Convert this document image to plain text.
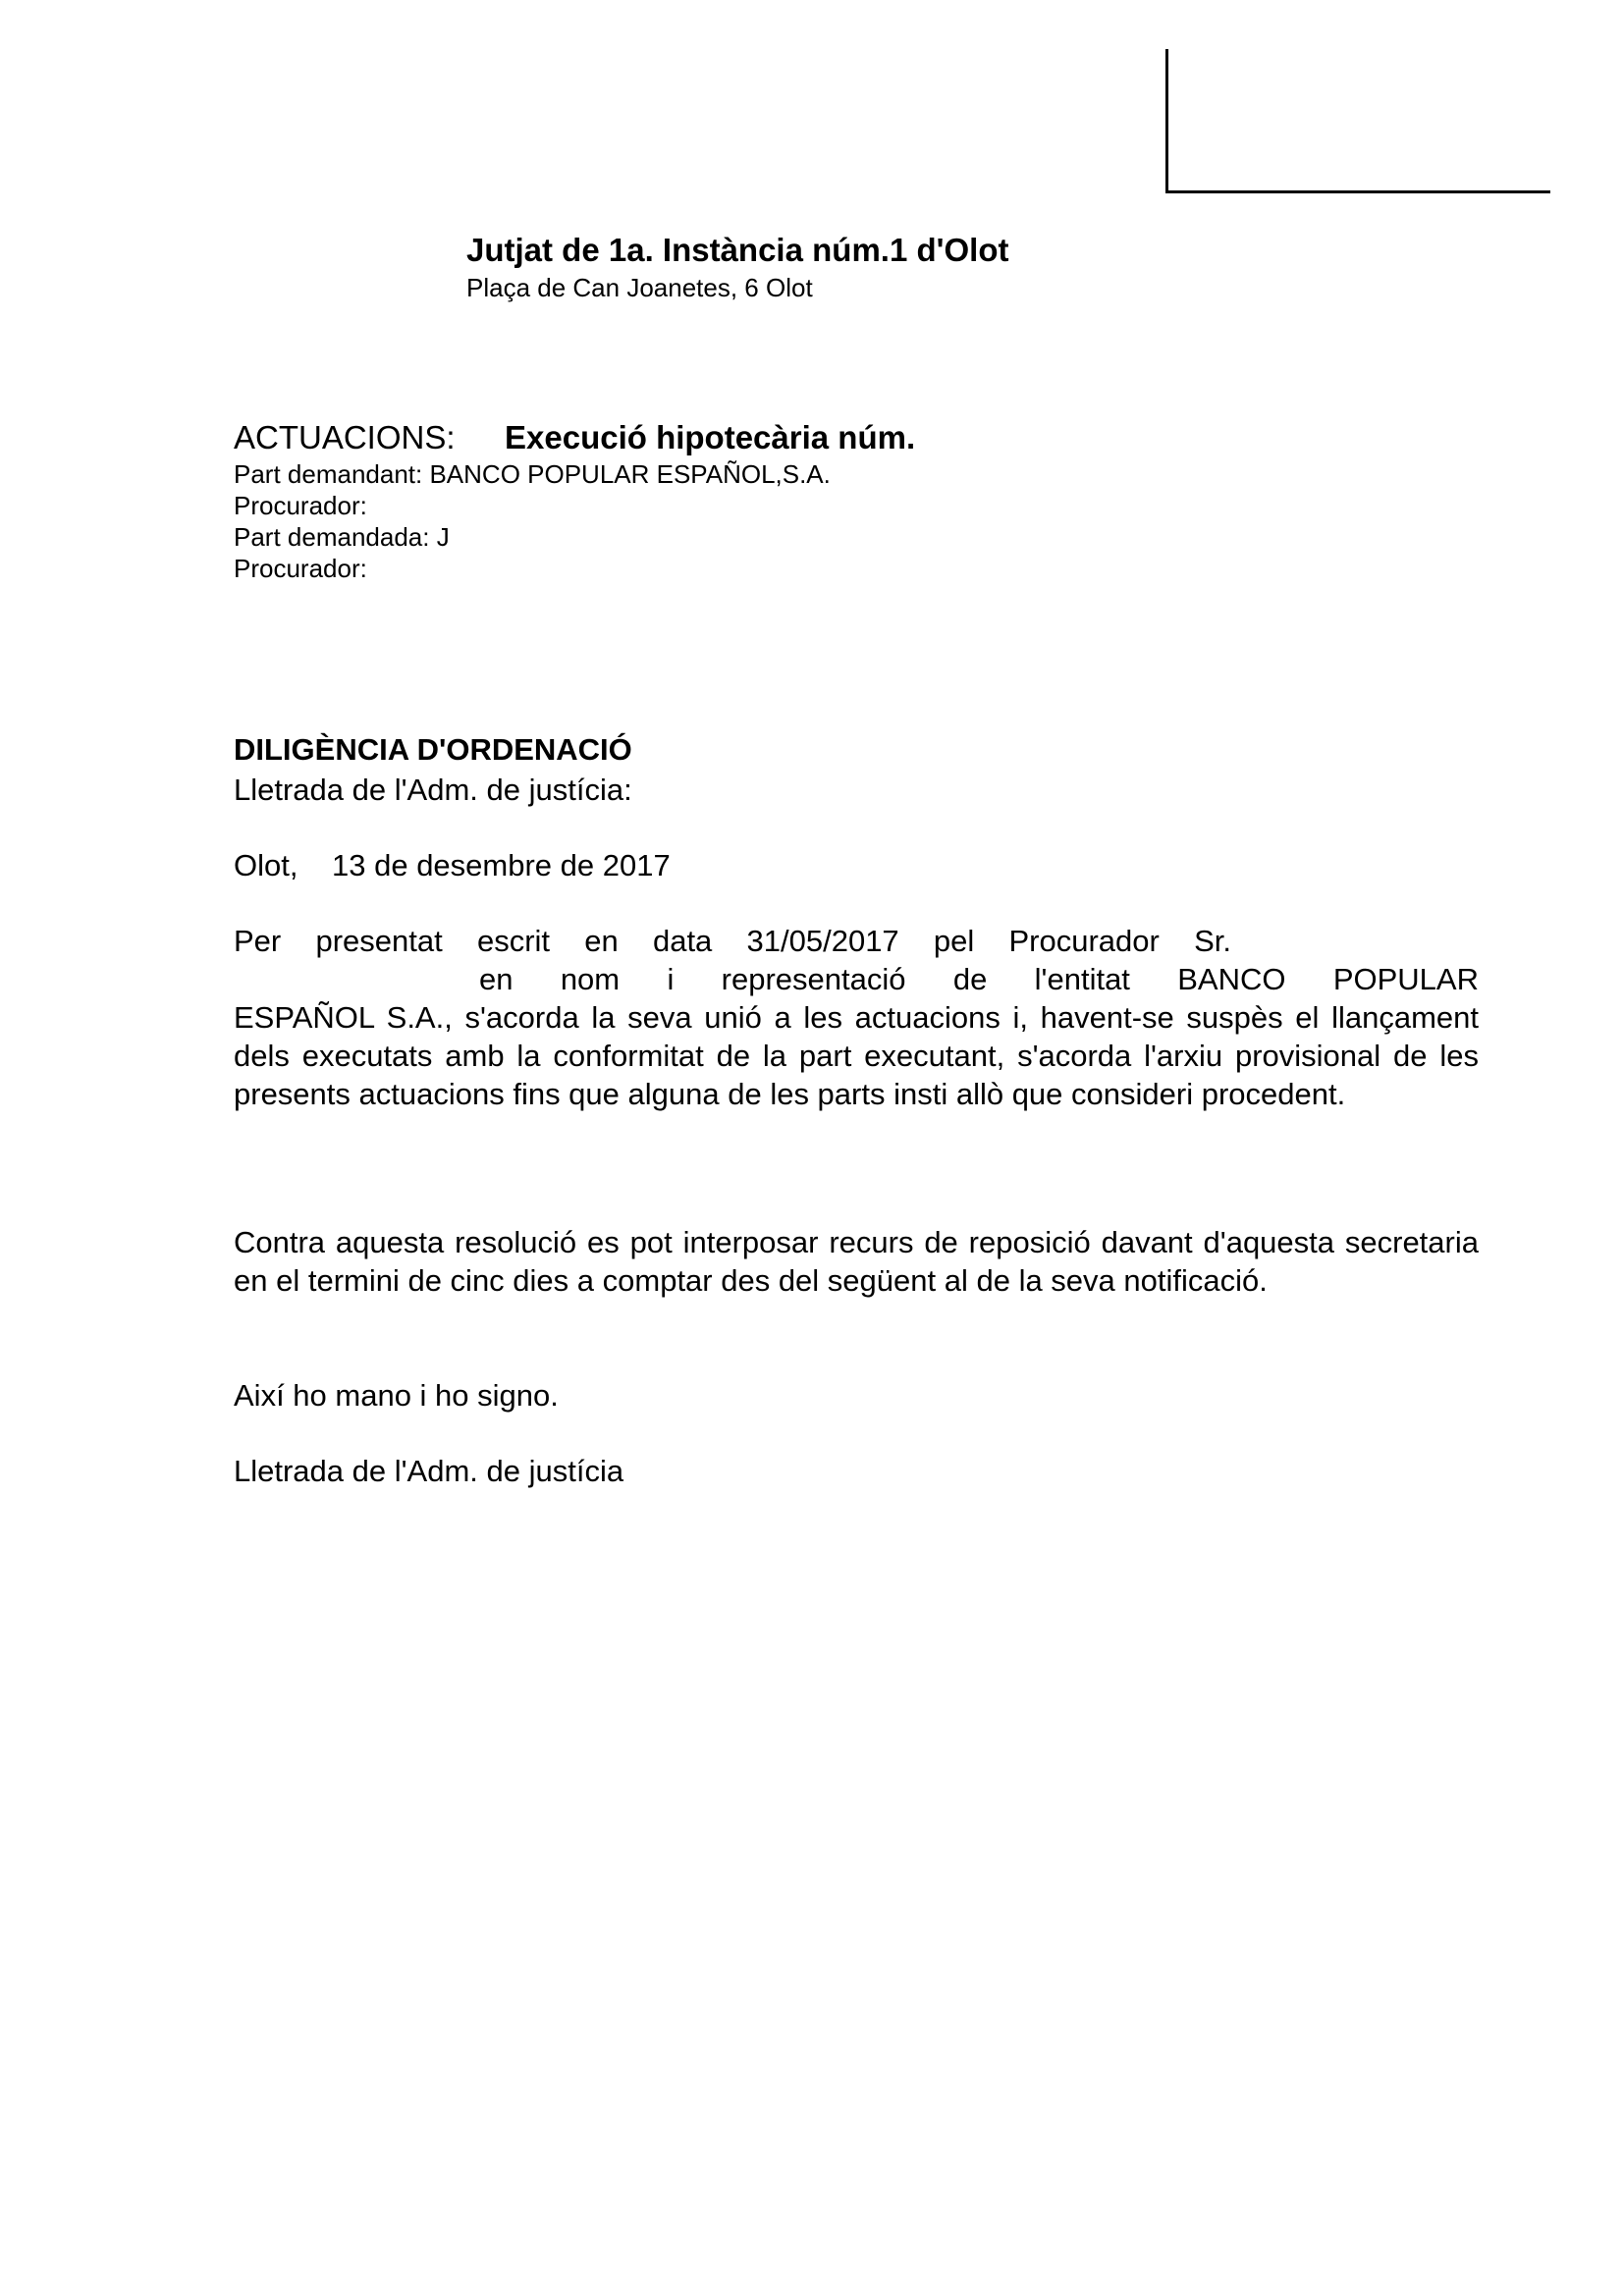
Jutjat de 1a. Instància núm.1 d'Olot
Plaça de Can Joanetes, 6 Olot
ACTUACIONS: Execució hipotecària núm.
Part demandant: BANCO POPULAR ESPAÑOL,S.A.
Procurador:
Part demandada: J
Procurador:
DILIGÈNCIA D'ORDENACIÓ
Lletrada de l'Adm. de justícia:
Olot, 13 de desembre de 2017
Per presentat escrit en data 31/05/2017 pel Procurador Sr.
en nom i representació de l'entitat BANCO POPULAR
ESPAÑOL S.A., s'acorda la seva unió a les actuacions i, havent-se suspès el llançament dels executats amb la conformitat de la part executant, s'acorda l'arxiu provisional de les presents actuacions fins que alguna de les parts insti allò que consideri procedent.
Contra aquesta resolució es pot interposar recurs de reposició davant d'aquesta secretaria en el termini de cinc dies a comptar des del següent al de la seva notificació.
Així ho mano i ho signo.
Lletrada de l'Adm. de justícia
